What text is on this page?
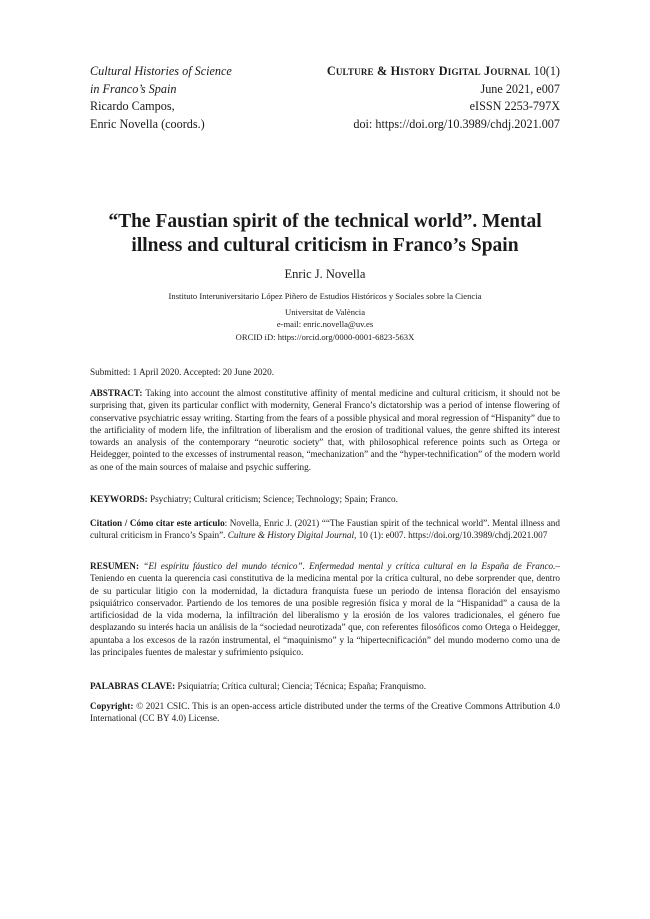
Cultural Histories of Science
in Franco’s Spain
Ricardo Campos,
Enric Novella (coords.)
Culture & History Digital Journal 10(1)
June 2021, e007
eISSN 2253-797X
doi: https://doi.org/10.3989/chdj.2021.007
“The Faustian spirit of the technical world”. Mental
illness and cultural criticism in Franco’s Spain
Enric J. Novella
Instituto Interuniversitario López Piñero de Estudios Históricos y Sociales sobre la Ciencia
Universitat de València
e-mail: enric.novella@uv.es
ORCID iD: https://orcid.org/0000-0001-6823-563X
Submitted: 1 April 2020. Accepted: 20 June 2020.

ABSTRACT: Taking into account the almost constitutive affinity of mental medicine and cultural criticism, it should not be surprising that, given its particular conflict with modernity, General Franco’s dictatorship was a period of intense flowering of conservative psychiatric essay writing. Starting from the fears of a possible physical and moral regression of “Hispanity” due to the artificiality of modern life, the infiltration of liberalism and the erosion of traditional values, the genre shifted its interest towards an analysis of the contemporary “neurotic society” that, with philosophical reference points such as Ortega or Heidegger, pointed to the excesses of instrumental reason, “mechanization” and the “hyper-technification” of the modern world as one of the main sources of malaise and psychic suffering.

KEYWORDS: Psychiatry; Cultural criticism; Science; Technology; Spain; Franco.

Citation / Cómo citar este artículo: Novella, Enric J. (2021) ““The Faustian spirit of the technical world”. Mental illness and cultural criticism in Franco’s Spain”. Culture & History Digital Journal, 10 (1): e007. https://doi.org/10.3989/chdj.2021.007

RESUMEN: “El espíritu fáustico del mundo técnico”. Enfermedad mental y crítica cultural en la España de Franco.– Teniendo en cuenta la querencia casi constitutiva de la medicina mental por la crítica cultural, no debe sorprender que, dentro de su particular litigio con la modernidad, la dictadura franquista fuese un periodo de intensa floración del ensayismo psiquiátrico conservador. Partiendo de los temores de una posible regresión física y moral de la “Hispanidad” a causa de la artificiosidad de la vida moderna, la infiltración del liberalismo y la erosión de los valores tradicionales, el género fue desplazando su interés hacia un análisis de la “sociedad neurotizada” que, con referentes filosóficos como Ortega o Heidegger, apuntaba a los excesos de la razón instrumental, el “maquinismo” y la “hipertecnificación” del mundo moderno como una de las principales fuentes de malestar y sufrimiento psíquico.

PALABRAS CLAVE: Psiquiatría; Crítica cultural; Ciencia; Técnica; España; Franquismo.

Copyright: © 2021 CSIC. This is an open-access article distributed under the terms of the Creative Commons Attribution 4.0 International (CC BY 4.0) License.
